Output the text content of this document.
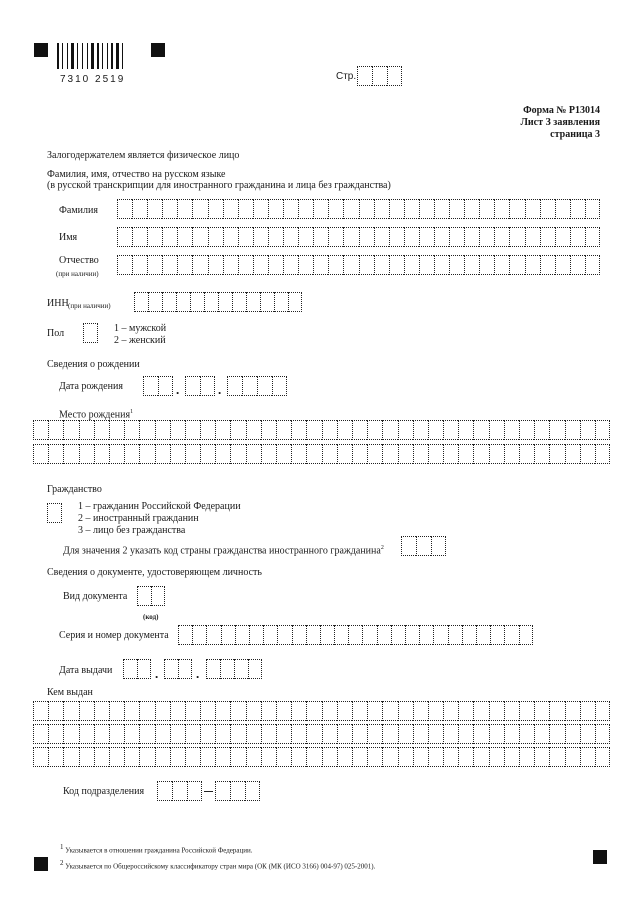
7310 2519	Стр.
Форма № Р13014
Лист З заявления
страница 3
Залогодержателем является физическое лицо
Фамилия, имя, отчество на русском языке
(в русской транскрипции для иностранного гражданина и лица без гражданства)
Фамилия
Имя
Отчество
(при наличии)
ИНН (при наличии)
Пол	1 – мужской
2 – женский
Сведения о рождении
Дата рождения	.	.
Место рождения$^1$
Гражданство
1 – гражданин Российской Федерации
2 – иностранный гражданин
3 – лицо без гражданства
Для значения 2 указать код страны гражданства иностранного гражданина$^2$
Сведения о документе, удостоверяющем личность
Вид документа
(код)
Серия и номер документа
Дата выдачи	.	.
Кем выдан
Код подразделения
$^1$ Указывается в отношении гражданина Российской Федерации.
$^2$ Указывается по Общероссийскому классификатору стран мира (ОК (МК (ИСО 3166) 004-97) 025-2001).
